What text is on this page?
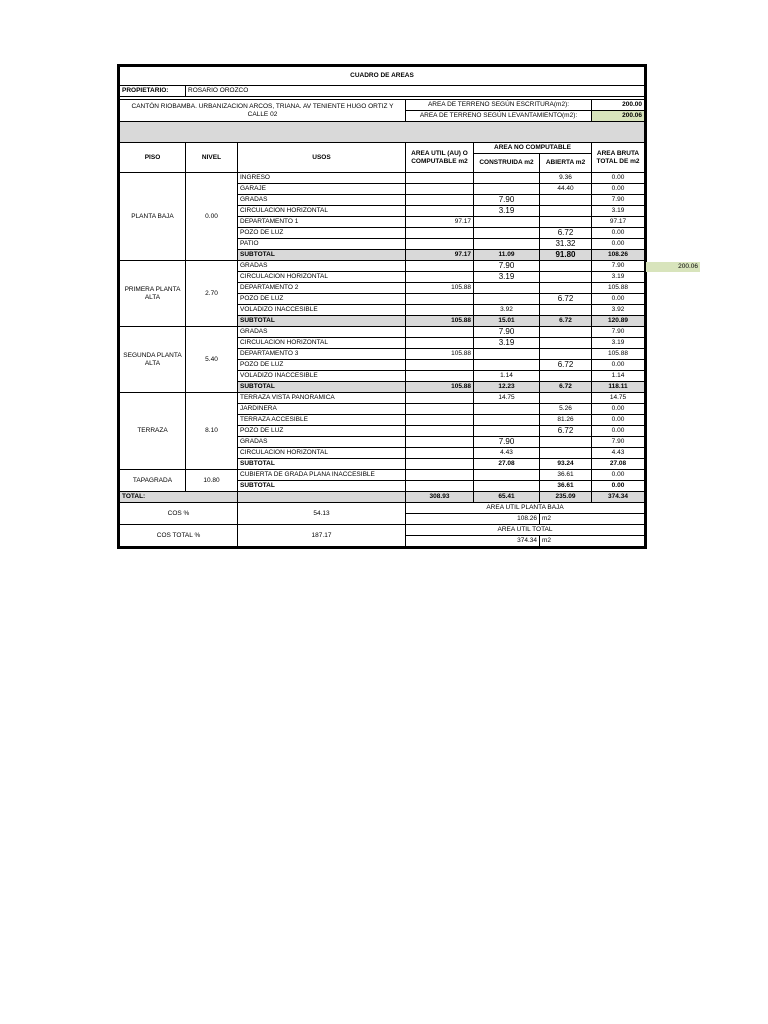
CUADRO DE AREAS						
PROPIETARIO:	ROSARIO OROZCO					

CANTÓN RIOBAMBA. URBANIZACION ARCOS, TRIANA. AV TENIENTE HUGO ORTIZ Y CALLE 02			AREA DE TERRENO SEGÚN ESCRITURA(m2):			200.00
			AREA DE TERRENO SEGÚN LEVANTAMIENTO(m2):			200.06

PISO	NIVEL	USOS	AREA UTIL (AU) O COMPUTABLE m2	AREA NO COMPUTABLE		AREA BRUTA TOTAL DE m2
				CONSTRUIDA m2	ABIERTA m2	
PLANTA BAJA	0.00	INGRESO			9.36	0.00
		GARAJE			44.40	0.00
		GRADAS		7.90		7.90
		CIRCULACION HORIZONTAL		3.19		3.19
		DEPARTAMENTO 1	97.17			97.17
		POZO DE LUZ			6.72	0.00
		PATIO			31.32	0.00
		SUBTOTAL	97.17	11.09	91.80	108.26
PRIMERA PLANTA ALTA	2.70	GRADAS		7.90		7.90
		CIRCULACION HORIZONTAL		3.19		3.19
		DEPARTAMENTO 2	105.88			105.88
		POZO DE LUZ			6.72	0.00
		VOLADIZO INACCESIBLE		3.92		3.92
		SUBTOTAL	105.88	15.01	6.72	120.89
SEGUNDA PLANTA ALTA	5.40	GRADAS		7.90		7.90
		CIRCULACION HORIZONTAL		3.19		3.19
		DEPARTAMENTO 3	105.88			105.88
		POZO DE LUZ			6.72	0.00
		VOLADIZO INACCESIBLE		1.14		1.14
		SUBTOTAL	105.88	12.23	6.72	118.11
TERRAZA	8.10	TERRAZA VISTA PANORAMICA		14.75		14.75
		JARDINERA			5.26	0.00
		TERRAZA ACCESIBLE			81.26	0.00
		POZO DE LUZ			6.72	0.00
		GRADAS		7.90		7.90
		CIRCULACION HORIZONTAL		4.43		4.43
		SUBTOTAL		27.08	93.24	27.08
TAPAGRADA	10.80	CUBIERTA DE GRADA PLANA INACCESIBLE			36.61	0.00
		SUBTOTAL			36.61	0.00
TOTAL:			308.93	65.41	235.09	374.34
COS %		54.13	AREA UTIL PLANTA BAJA			
			108.26		m2	
COS TOTAL %		187.17	AREA UTIL TOTAL			
			374.34		m2	
200.06
